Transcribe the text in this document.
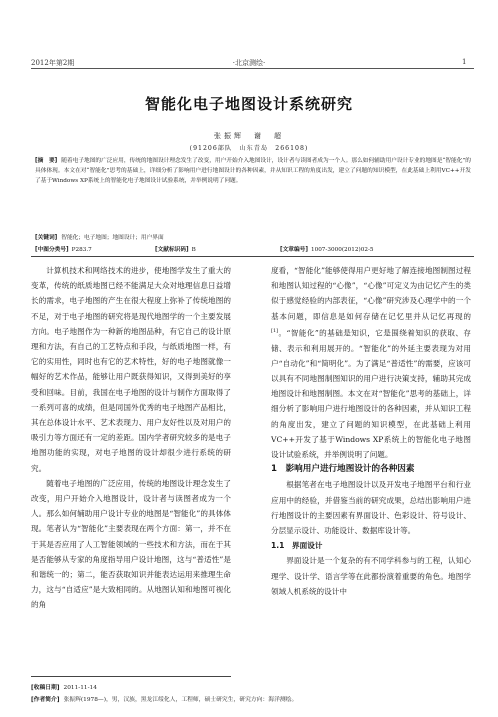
2012年第2期	·北京测绘·	1
智能化电子地图设计系统研究
张振辉　谢　超
(91206部队　山东青岛　266108)
[摘　要] 随着电子地图的广泛应用，传统的地图设计理念发生了改变，用户开始介入地图设计，设计者与读图者成为一个人。那么如何辅助用户设计专业的地图是“智能化”的具体体现。本文在对“智能化”思考的基础上，详细分析了影响用户进行地图设计的各种因素，并从知识工程的角度出发，建立了问题的知识模型，在此基础上利用VC++开发了基于Windows XP系统上的智能化电子地图设计试验系统，并举例说明了问题。
[关键词] 智能化；电子地图；地图设计；用户界面
[中图分类号] P283.7	[文献标识码] B	[文章编号] 1007-3000(2012)02-5

计算机技术和网络技术的进步，使地图学发生了重大的变革，传统的纸质地图已经不能满足大众对地理信息日益增长的需求，电子地图的产生在很大程度上弥补了传统地图的不足，对于电子地图的研究将是现代地图学的一个主要发展方向。电子地图作为一种新的地图品种，有它自己的设计原理和方法，有自己的工艺特点和手段，与纸质地图一样，有它的实用性，同时也有它的艺术特性，好的电子地图就像一幅好的艺术作品，能够让用户既获得知识，又得到美好的享受和回味。目前，我国在电子地图的设计与制作方面取得了一系列可喜的成绩，但是同国外优秀的电子地图产品相比，其在总体设计水平、艺术表现力、用户友好性以及对用户的吸引力等方面还有一定的差距。国内学者研究较多的是电子地图功能的实现，对电子地图的设计却很少进行系统的研究。

随着电子地图的广泛应用，传统的地图设计理念发生了改变，用户开始介入地图设计，设计者与读图者成为一个人。那么如何辅助用户设计专业的地图是“智能化”的具体体现。笔者认为“智能化”主要表现在两个方面：第一，并不在于其是否应用了人工智能领域的一些技术和方法，而在于其是否能够从专家的角度指导用户设计地图，这与“普适性”是和谐统一的；第二，能否获取知识并能表达运用来推理生命力，这与“自适应”是大致相同的。从地图认知和地图可视化的角

度看，“智能化”能够使得用户更好地了解连接地图制图过程和地图认知过程的“心像”，“心像”可定义为由记忆产生的类似于感觉经验的内部表征，“心像”研究涉及心理学中的一个基本问题，即信息是如何存储在记忆里并从记忆再现的[1]。“智能化”的基础是知识，它是围绕着知识的获取、存储、表示和利用展开的。“智能化”的外延主要表现为对用户“自动化”和“简明化”。为了满足“普适性”的需要，应该可以具有不同地图制图知识的用户进行决策支持，辅助其完成地图设计和地图制图。本文在对“智能化”思考的基础上，详细分析了影响用户进行地图设计的各种因素，并从知识工程的角度出发，建立了问题的知识模型，在此基础上利用VC++开发了基于Windows XP系统上的智能化电子地图设计试验系统，并举例说明了问题。

1　影响用户进行地图设计的各种因素

根据笔者在电子地图设计以及开发电子地图平台和行业应用中的经验，并借鉴当前的研究成果，总结出影响用户进行地图设计的主要因素有界面设计、色彩设计、符号设计、分层显示设计、功能设计、数据库设计等。

1.1　界面设计

界面设计是一个复杂的有不同学科参与的工程，认知心理学、设计学、语言学等在此都扮演着重要的角色。地图学领域人机系统的设计中

[收稿日期] 2011-11-14
[作者简介] 张振辉(1978—)，男，汉族，黑龙江绥化人，工程师，硕士研究生，研究方向：海洋测绘。
